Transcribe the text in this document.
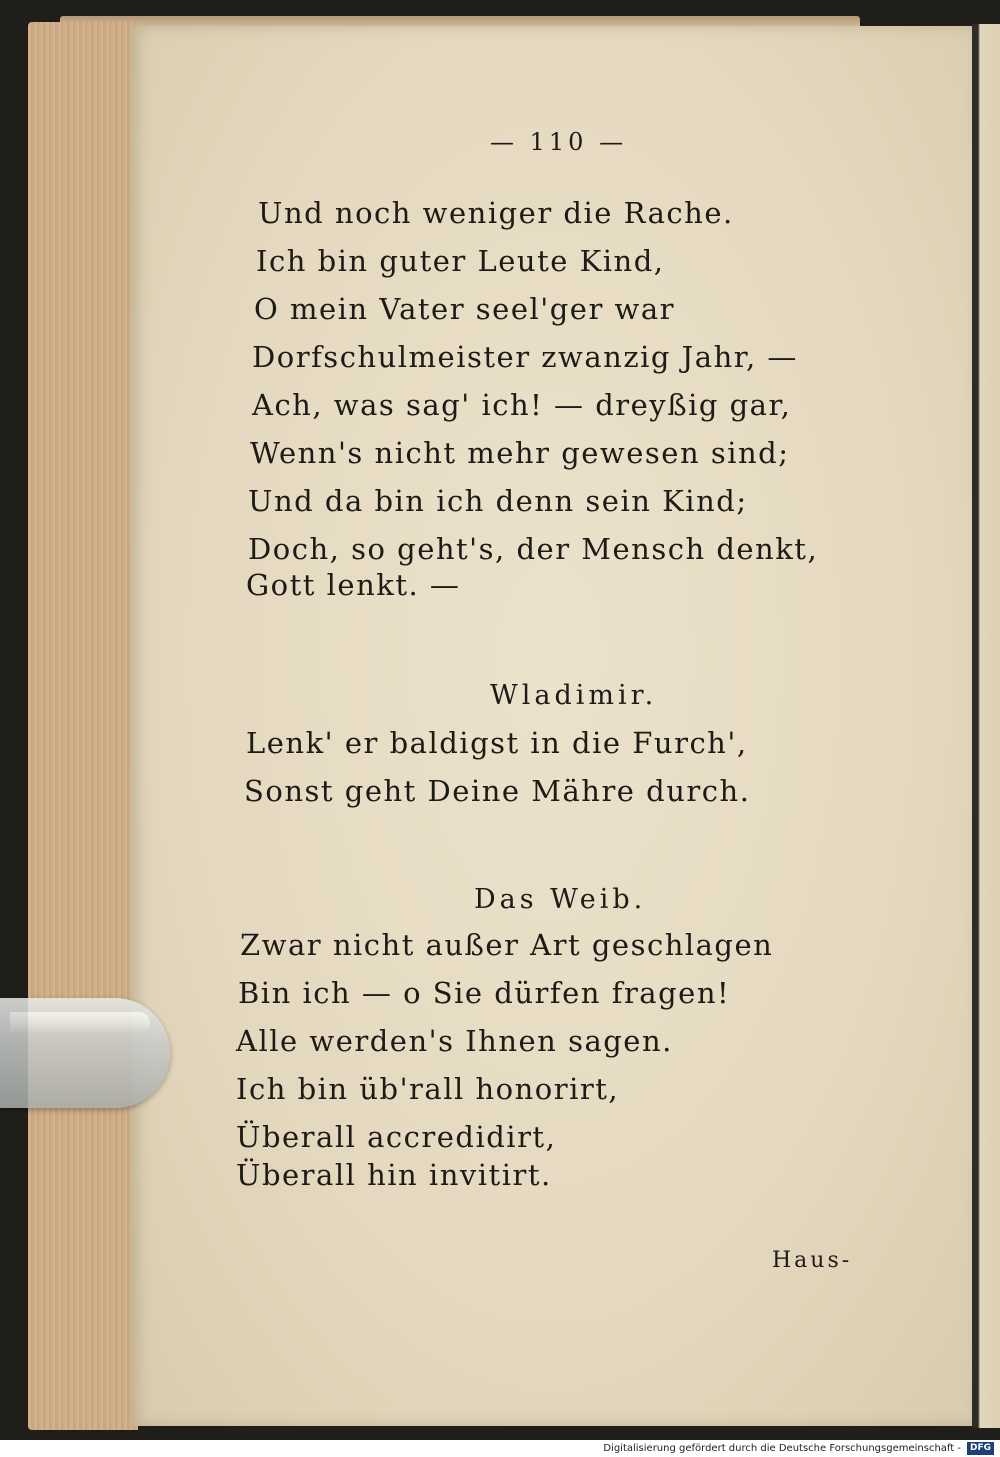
— 110 —
Und noch weniger die Rache.
Ich bin guter Leute Kind,
O mein Vater seel'ger war
Dorfschulmeister zwanzig Jahr, —
Ach, was sag' ich! — dreyßig gar,
Wenn's nicht mehr gewesen sind;
Und da bin ich denn sein Kind;
Doch, so geht's, der Mensch denkt,
Gott lenkt. —
Wladimir.
Lenk' er baldigst in die Furch',
Sonst geht Deine Mähre durch.
Das Weib.
Zwar nicht außer Art geschlagen
Bin ich — o Sie dürfen fragen!
Alle werden's Ihnen sagen.
Ich bin üb'rall honorirt,
Überall accredidirt,
Überall hin invitirt.
Haus-
Digitalisierung gefördert durch die Deutsche Forschungsgemeinschaft - DFG
